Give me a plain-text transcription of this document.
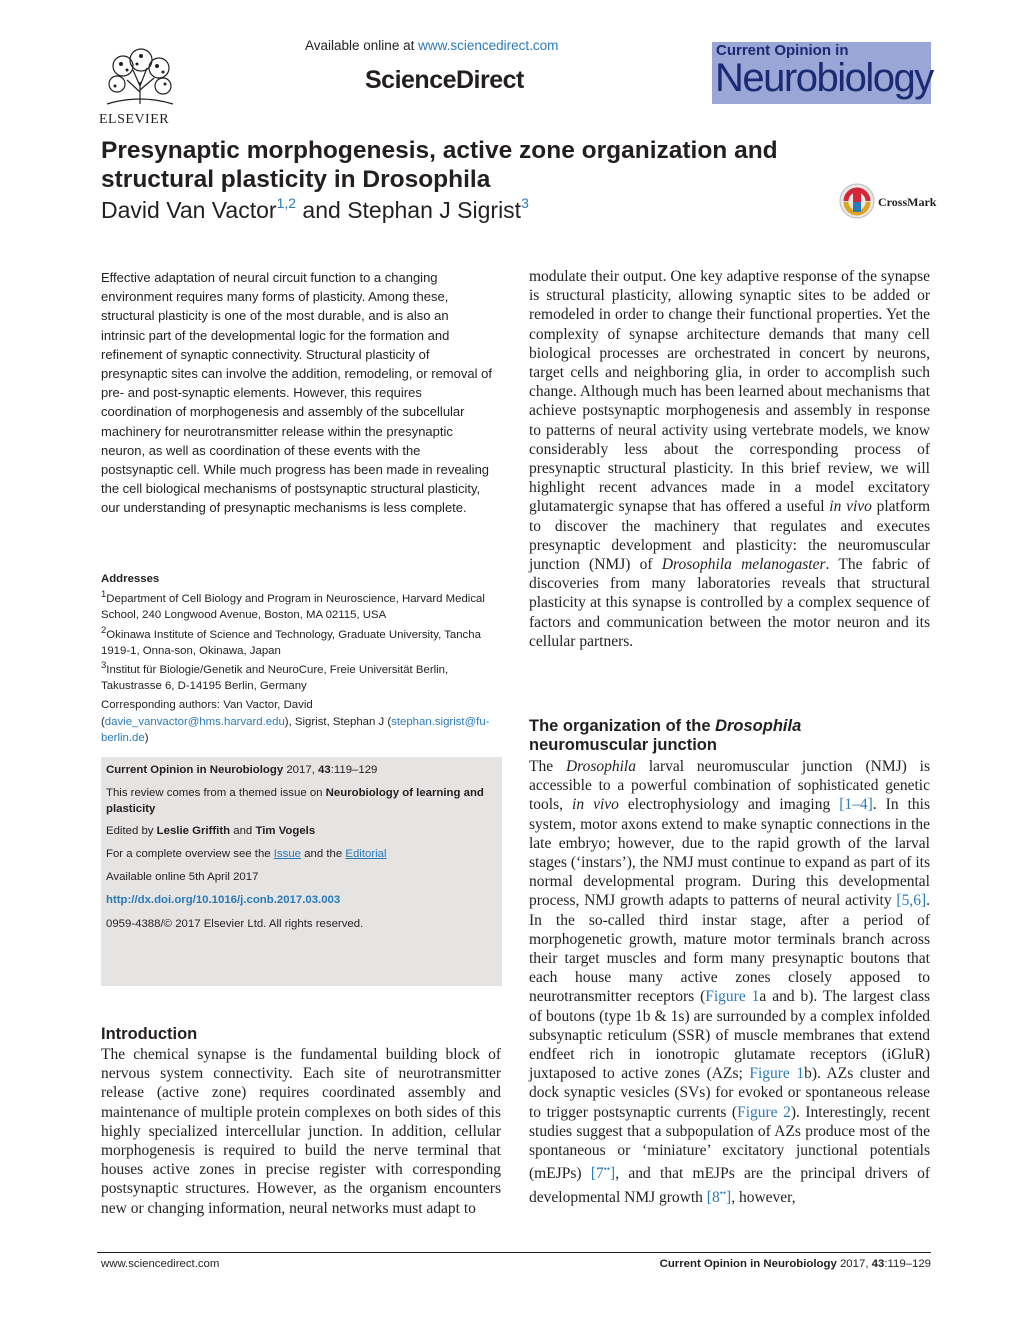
ELSEVIER
Available online at www.sciencedirect.com
ScienceDirect
Current Opinion in
Neurobiology
Presynaptic morphogenesis, active zone organization and structural plasticity in Drosophila
David Van Vactor$^{1,2}$ and Stephan J Sigrist$^3$	CrossMark
Effective adaptation of neural circuit function to a changing environment requires many forms of plasticity. Among these, structural plasticity is one of the most durable, and is also an intrinsic part of the developmental logic for the formation and refinement of synaptic connectivity. Structural plasticity of presynaptic sites can involve the addition, remodeling, or removal of pre- and post-synaptic elements. However, this requires coordination of morphogenesis and assembly of the subcellular machinery for neurotransmitter release within the presynaptic neuron, as well as coordination of these events with the postsynaptic cell. While much progress has been made in revealing the cell biological mechanisms of postsynaptic structural plasticity, our understanding of presynaptic mechanisms is less complete.
Addresses
$^1$Department of Cell Biology and Program in Neuroscience, Harvard Medical School, 240 Longwood Avenue, Boston, MA 02115, USA
$^2$Okinawa Institute of Science and Technology, Graduate University, Tancha 1919-1, Onna-son, Okinawa, Japan
$^3$Institut für Biologie/Genetik and NeuroCure, Freie Universität Berlin, Takustrasse 6, D-14195 Berlin, Germany
Corresponding authors: Van Vactor, David (davie_vanvactor@hms.harvard.edu), Sigrist, Stephan J (stephan.sigrist@fu-berlin.de)

Current Opinion in Neurobiology 2017, 43:119–129

This review comes from a themed issue on Neurobiology of learning and plasticity

Edited by Leslie Griffith and Tim Vogels

For a complete overview see the Issue and the Editorial

Available online 5th April 2017

http://dx.doi.org/10.1016/j.conb.2017.03.003

0959-4388/© 2017 Elsevier Ltd. All rights reserved.

Introduction

The chemical synapse is the fundamental building block of nervous system connectivity. Each site of neurotransmitter release (active zone) requires coordinated assembly and maintenance of multiple protein complexes on both sides of this highly specialized intercellular junction. In addition, cellular morphogenesis is required to build the nerve terminal that houses active zones in precise register with corresponding postsynaptic structures. However, as the organism encounters new or changing information, neural networks must adapt to

modulate their output. One key adaptive response of the synapse is structural plasticity, allowing synaptic sites to be added or remodeled in order to change their functional properties. Yet the complexity of synapse architecture demands that many cell biological processes are orchestrated in concert by neurons, target cells and neighboring glia, in order to accomplish such change. Although much has been learned about mechanisms that achieve postsynaptic morphogenesis and assembly in response to patterns of neural activity using vertebrate models, we know considerably less about the corresponding process of presynaptic structural plasticity. In this brief review, we will highlight recent advances made in a model excitatory glutamatergic synapse that has offered a useful in vivo platform to discover the machinery that regulates and executes presynaptic development and plasticity: the neuromuscular junction (NMJ) of Drosophila melanogaster. The fabric of discoveries from many laboratories reveals that structural plasticity at this synapse is controlled by a complex sequence of factors and communication between the motor neuron and its cellular partners.

The organization of the Drosophila
neuromuscular junction

The Drosophila larval neuromuscular junction (NMJ) is accessible to a powerful combination of sophisticated genetic tools, in vivo electrophysiology and imaging [1–4]. In this system, motor axons extend to make synaptic connections in the late embryo; however, due to the rapid growth of the larval stages (‘instars’), the NMJ must continue to expand as part of its normal developmental program. During this developmental process, NMJ growth adapts to patterns of neural activity [5,6]. In the so-called third instar stage, after a period of morphogenetic growth, mature motor terminals branch across their target muscles and form many presynaptic boutons that each house many active zones closely apposed to neurotransmitter receptors (Figure 1a and b). The largest class of boutons (type 1b & 1s) are surrounded by a complex infolded subsynaptic reticulum (SSR) of muscle membranes that extend endfeet rich in ionotropic glutamate receptors (iGluR) juxtaposed to active zones (AZs; Figure 1b). AZs cluster and dock synaptic vesicles (SVs) for evoked or spontaneous release to trigger postsynaptic currents (Figure 2). Interestingly, recent studies suggest that a subpopulation of AZs produce most of the spontaneous or ‘miniature’ excitatory junctional potentials (mEJPs) [7••], and that mEJPs are the principal drivers of developmental NMJ growth [8••], however,

www.sciencedirect.com	Current Opinion in Neurobiology 2017, 43:119–129
